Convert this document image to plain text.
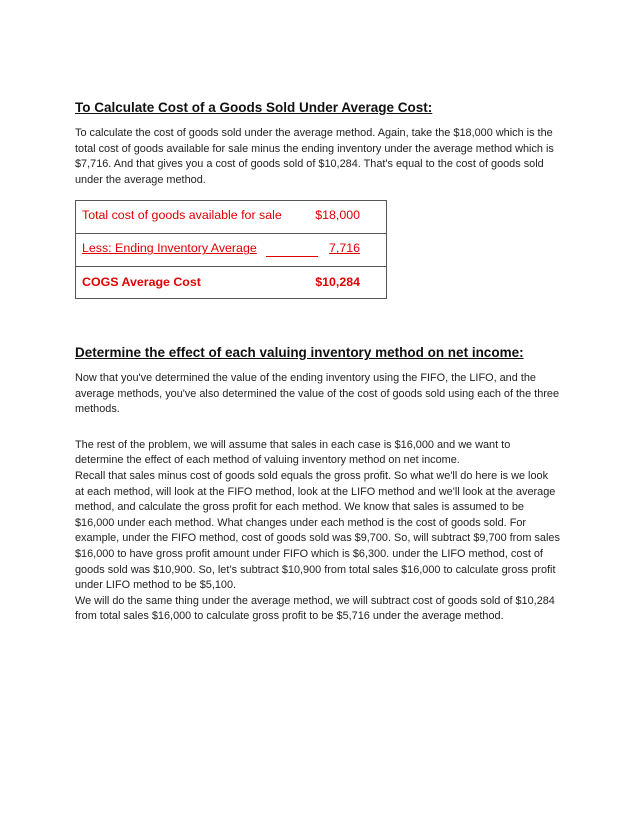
To Calculate Cost of a Goods Sold Under Average Cost:

To calculate the cost of goods sold under the average method. Again, take the $18,000 which is the total cost of goods available for sale minus the ending inventory under the average method which is $7,716. And that gives you a cost of goods sold of $10,284. That's equal to the cost of goods sold under the average method.

Total cost of goods available for sale	$18,000
Less: Ending Inventory Average	7,716
COGS Average Cost	$10,284

Determine the effect of each valuing inventory method on net income:

Now that you've determined the value of the ending inventory using the FIFO, the LIFO, and the average methods, you've also determined the value of the cost of goods sold using each of the three methods.

The rest of the problem, we will assume that sales in each case is $16,000 and we want to determine the effect of each method of valuing inventory method on net income.

Recall that sales minus cost of goods sold equals the gross profit. So what we'll do here is we look at each method, will look at the FIFO method, look at the LIFO method and we'll look at the average method, and calculate the gross profit for each method. We know that sales is assumed to be $16,000 under each method. What changes under each method is the cost of goods sold. For example, under the FIFO method, cost of goods sold was $9,700. So, will subtract $9,700 from sales $16,000 to have gross profit amount under FIFO which is $6,300. under the LIFO method, cost of goods sold was $10,900. So, let’s subtract $10,900 from total sales $16,000 to calculate gross profit under LIFO method to be $5,100.

We will do the same thing under the average method, we will subtract cost of goods sold of $10,284 from total sales $16,000 to calculate gross profit to be $5,716 under the average method.
